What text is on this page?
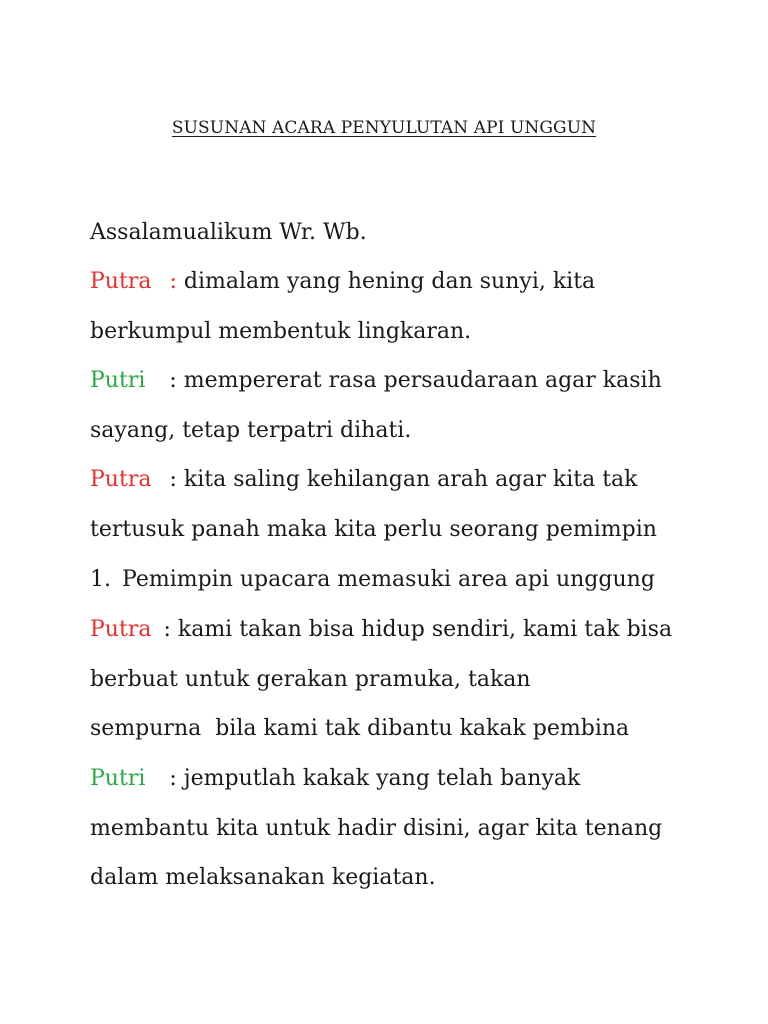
SUSUNAN ACARA PENYULUTAN API UNGGUN
Assalamualikum Wr. Wb.
Putra : dimalam yang hening dan sunyi, kita
berkumpul membentuk lingkaran.
Putri : mempererat rasa persaudaraan agar kasih
sayang, tetap terpatri dihati.
Putra : kita saling kehilangan arah agar kita tak
tertusuk panah maka kita perlu seorang pemimpin
1. Pemimpin upacara memasuki area api unggung
Putra : kami takan bisa hidup sendiri, kami tak bisa
berbuat untuk gerakan pramuka, takan
sempurna  bila kami tak dibantu kakak pembina
Putri : jemputlah kakak yang telah banyak
membantu kita untuk hadir disini, agar kita tenang
dalam melaksanakan kegiatan.
